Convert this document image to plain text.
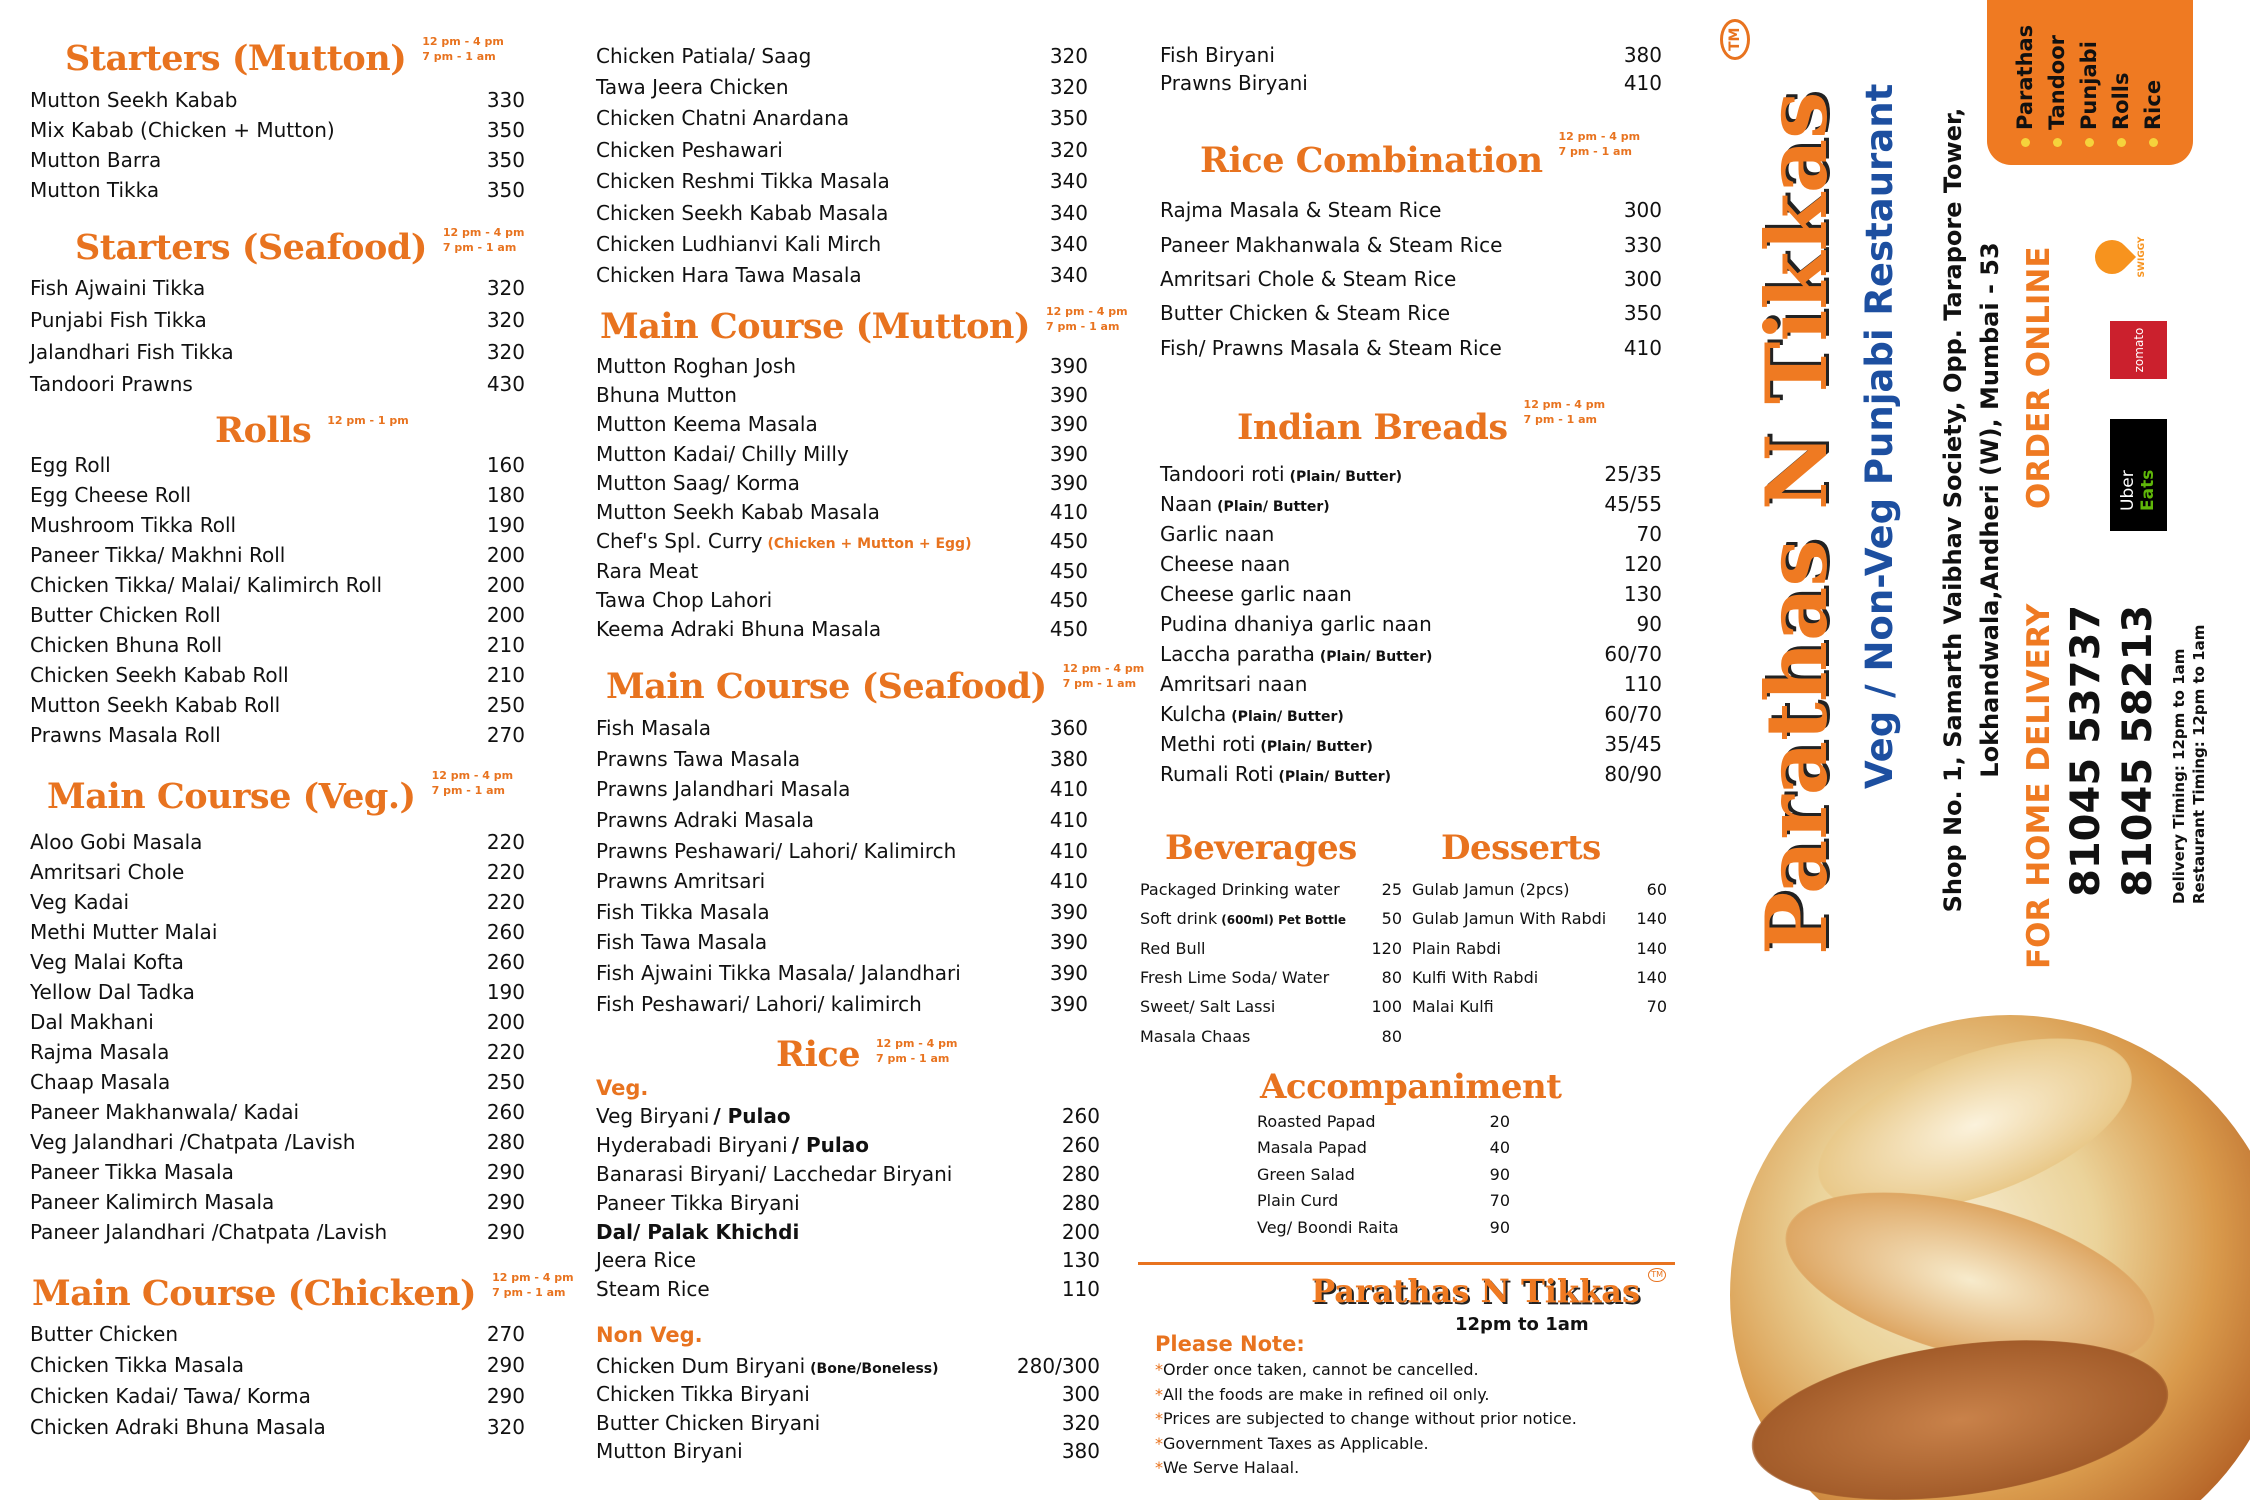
Starters (Mutton) 12 pm - 4 pm
7 pm - 1 am
Mutton Seekh Kabab	330
Mix Kabab (Chicken + Mutton)	350
Mutton Barra	350
Mutton Tikka	350
Starters (Seafood) 12 pm - 4 pm
7 pm - 1 am
Fish Ajwaini Tikka	320
Punjabi Fish Tikka	320
Jalandhari Fish Tikka	320
Tandoori Prawns	430
Rolls 12 pm - 1 pm
Egg Roll	160
Egg Cheese Roll	180
Mushroom Tikka Roll	190
Paneer Tikka/ Makhni Roll	200
Chicken Tikka/ Malai/ Kalimirch Roll	200
Butter Chicken Roll	200
Chicken Bhuna Roll	210
Chicken Seekh Kabab Roll	210
Mutton Seekh Kabab Roll	250
Prawns Masala Roll	270
Main Course (Veg.)
12 pm - 4 pm
7 pm - 1 am
Aloo Gobi Masala	220
Amritsari Chole	220
Veg Kadai	220
Methi Mutter Malai	260
Veg Malai Kofta	260
Yellow Dal Tadka	190
Dal Makhani	200
Rajma Masala	220
Chaap Masala	250
Paneer Makhanwala/ Kadai	260
Veg Jalandhari /Chatpata /Lavish	280
Paneer Tikka Masala	290
Paneer Kalimirch Masala	290
Paneer Jalandhari /Chatpata /Lavish	290
Main Course (Chicken) 12 pm - 4 pm
7 pm - 1 am
Butter Chicken	270
Chicken Tikka Masala	290
Chicken Kadai/ Tawa/ Korma	290
Chicken Adraki Bhuna Masala	320
Chicken Patiala/ Saag	320
Tawa Jeera Chicken	320
Chicken Chatni Anardana	350
Chicken Peshawari	320
Chicken Reshmi Tikka Masala	340
Chicken Seekh Kabab Masala	340
Chicken Ludhianvi Kali Mirch	340
Chicken Hara Tawa Masala	340
Main Course (Mutton) 12 pm - 4 pm
7 pm - 1 am
Mutton Roghan Josh	390
Bhuna Mutton	390
Mutton Keema Masala	390
Mutton Kadai/ Chilly Milly	390
Mutton Saag/ Korma	390
Mutton Seekh Kabab Masala	410
Chef's Spl. Curry (Chicken + Mutton + Egg)	450
Rara Meat	450
Tawa Chop Lahori	450
Keema Adraki Bhuna Masala	450
Main Course (Seafood) 12 pm - 4 pm
7 pm - 1 am
Fish Masala	360
Prawns Tawa Masala	380
Prawns Jalandhari Masala	410
Prawns Adraki Masala	410
Prawns Peshawari/ Lahori/ Kalimirch	410
Prawns Amritsari	410
Fish Tikka Masala	390
Fish Tawa Masala	390
Fish Ajwaini Tikka Masala/ Jalandhari	390
Fish Peshawari/ Lahori/ kalimirch	390
Rice 12 pm - 4 pm
7 pm - 1 am
Veg.
Veg Biryani / Pulao	260
Hyderabadi Biryani / Pulao	260
Banarasi Biryani/ Lacchedar Biryani	280
Paneer Tikka Biryani	280
Dal/ Palak Khichdi	200
Jeera Rice	130
Steam Rice	110
Non Veg.
Chicken Dum Biryani (Bone/Boneless)	280/300
Chicken Tikka Biryani	300
Butter Chicken Biryani	320
Mutton Biryani	380
Fish Biryani	380
Prawns Biryani	410
Rice Combination
12 pm - 4 pm
7 pm - 1 am
Rajma Masala & Steam Rice	300
Paneer Makhanwala & Steam Rice	330
Amritsari Chole & Steam Rice	300
Butter Chicken & Steam Rice	350
Fish/ Prawns Masala & Steam Rice	410
Indian Breads
12 pm - 4 pm
7 pm - 1 am
Tandoori roti (Plain/ Butter)	25/35
Naan (Plain/ Butter)	45/55
Garlic naan	70
Cheese naan	120
Cheese garlic naan	130
Pudina dhaniya garlic naan	90
Laccha paratha (Plain/ Butter)	60/70
Amritsari naan	110
Kulcha (Plain/ Butter)	60/70
Methi roti (Plain/ Butter)	35/45
Rumali Roti (Plain/ Butter)	80/90
Beverages
Packaged Drinking water	25
Soft drink (600ml) Pet Bottle 50
Red Bull	120
Fresh Lime Soda/ Water	80
Sweet/ Salt Lassi	100
Masala Chaas	80
Desserts
Gulab Jamun (2pcs)	60
Gulab Jamun With Rabdi 140
Plain Rabdi	140
Kulfi With Rabdi	140
Malai Kulfi	70
Accompaniment
Roasted Papad	20
Masala Papad	40
Green Salad	90
Plain Curd	70
Veg/ Boondi Raita	90
Parathas N Tikkas	TM
12pm to 1am
Please Note:
*Order once taken, cannot be cancelled.
*All the foods are make in refined oil only.
*Prices are subjected to change without prior notice.
*Government Taxes as Applicable.
*We Serve Halaal.
Parathas N Tikkas
TM
Veg / Non-Veg Punjabi Restaurant Shop No. 1, Samarth Vaibhav Society, Opp. Tarapore Tower, Lokhandwala,Andheri (W), Mumbai - 53
FOR HOME DELIVERY
ORDER ONLINE
81045 53737 81045 58213 Delivery Timing: 12pm to 1am Restaurant Timing: 12pm to 1am
Uber Eats
zomato
SWIGGY
Parathas Tandoor Punjabi Rolls Rice
